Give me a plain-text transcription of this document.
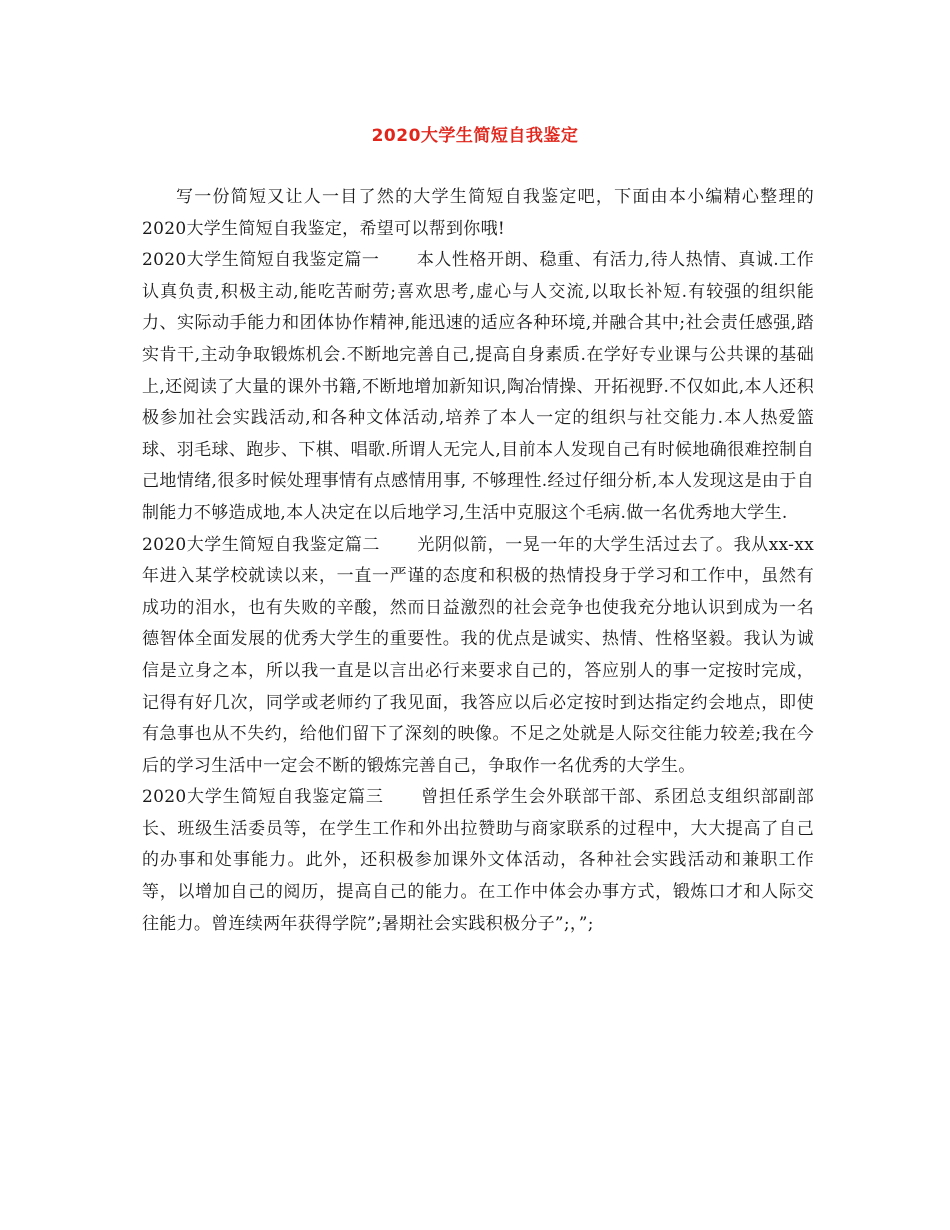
2020大学生简短自我鉴定

写一份简短又让人一目了然的大学生简短自我鉴定吧，下面由本小编精心整理的2020大学生简短自我鉴定，希望可以帮到你哦!

2020大学生简短自我鉴定篇一 本人性格开朗、稳重、有活力,待人热情、真诚.工作认真负责,积极主动,能吃苦耐劳;喜欢思考,虚心与人交流,以取长补短.有较强的组织能力、实际动手能力和团体协作精神,能迅速的适应各种环境,并融合其中;社会责任感强,踏实肯干,主动争取锻炼机会.不断地完善自己,提高自身素质.在学好专业课与公共课的基础上,还阅读了大量的课外书籍,不断地增加新知识,陶冶情操、开拓视野.不仅如此,本人还积极参加社会实践活动,和各种文体活动,培养了本人一定的组织与社交能力.本人热爱篮球、羽毛球、跑步、下棋、唱歌.所谓人无完人,目前本人发现自己有时候地确很难控制自己地情绪,很多时候处理事情有点感情用事, 不够理性.经过仔细分析,本人发现这是由于自制能力不够造成地,本人决定在以后地学习,生活中克服这个毛病.做一名优秀地大学生.

2020大学生简短自我鉴定篇二 光阴似箭，一晃一年的大学生活过去了。我从xx-xx年进入某学校就读以来，一直一严谨的态度和积极的热情投身于学习和工作中，虽然有成功的泪水，也有失败的辛酸，然而日益激烈的社会竞争也使我充分地认识到成为一名德智体全面发展的优秀大学生的重要性。我的优点是诚实、热情、性格坚毅。我认为诚信是立身之本，所以我一直是以言出必行来要求自己的，答应别人的事一定按时完成，记得有好几次，同学或老师约了我见面，我答应以后必定按时到达指定约会地点，即使有急事也从不失约，给他们留下了深刻的映像。不足之处就是人际交往能力较差;我在今后的学习生活中一定会不断的锻炼完善自己，争取作一名优秀的大学生。

2020大学生简短自我鉴定篇三 曾担任系学生会外联部干部、系团总支组织部副部长、班级生活委员等，在学生工作和外出拉赞助与商家联系的过程中，大大提高了自己的办事和处事能力。此外，还积极参加课外文体活动，各种社会实践活动和兼职工作等，以增加自己的阅历，提高自己的能力。在工作中体会办事方式，锻炼口才和人际交往能力。曾连续两年获得学院”;暑期社会实践积极分子”;，”;
